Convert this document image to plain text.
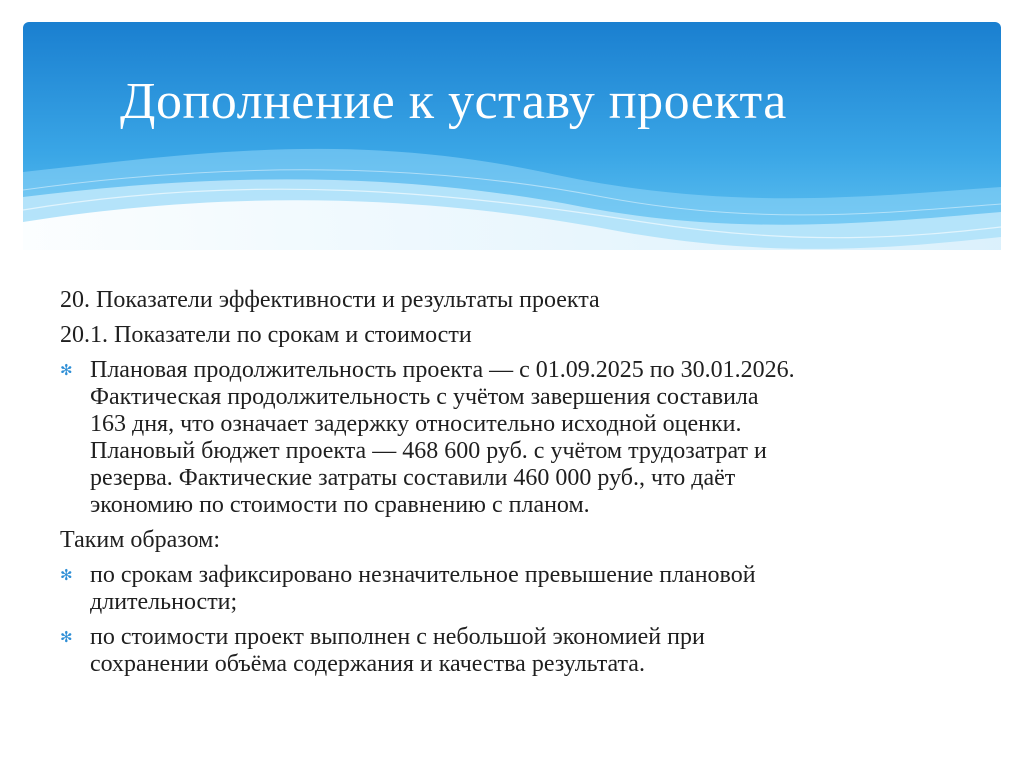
Дополнение к уставу проекта

20. Показатели эффективности и результаты проекта

20.1. Показатели по срокам и стоимости

✻ Плановая продолжительность проекта — с 01.09.2025 по 30.01.2026.
Фактическая продолжительность с учётом завершения составила
163 дня, что означает задержку относительно исходной оценки.
Плановый бюджет проекта — 468 600 руб. с учётом трудозатрат и
резерва. Фактические затраты составили 460 000 руб., что даёт
экономию по стоимости по сравнению с планом.

Таким образом:

✻ по срокам зафиксировано незначительное превышение плановой
длительности;
✻ по стоимости проект выполнен с небольшой экономией при
сохранении объёма содержания и качества результата.
